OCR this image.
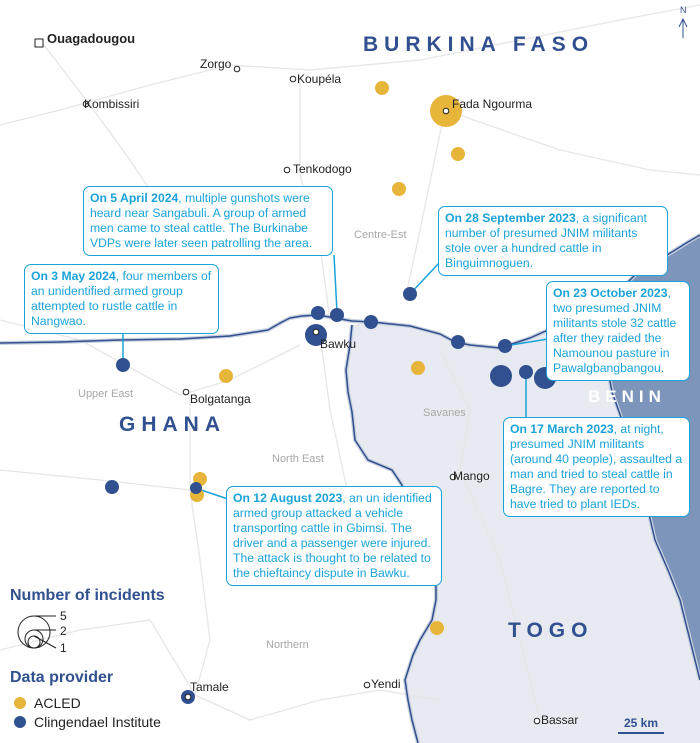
BURKINA FASO
GHANA
TOGO
BENIN
Centre-Est
Upper East
North East
Savanes
Northern
Ouagadougou
Zorgo
Koupéla
Kombissiri	Fada Ngourma
Tenkodogo
Bawku
Bolgatanga
Mango
Tamale	Yendi
Bassar
On 5 April 2024, multiple gunshots were heard near Sangabuli. A group of armed men came to steal cattle. The Burkinabe VDPs were later seen patrolling the area.
On 28 September 2023, a significant number of presumed JNIM militants stole over a hundred cattle in Binguimnoguen.
On 3 May 2024, four members of an unidentified armed group attempted to rustle cattle in Nangwao.
On 23 October 2023, two presumed JNIM militants stole 32 cattle after they raided the Namounou pasture in Pawalgbangbangou.
On 17 March 2023, at night, presumed JNIM militants (around 40 people), assaulted a man and tried to steal cattle in Bagre. They are reported to have tried to plant IEDs.
On 12 August 2023, an un identified armed group attacked a vehicle transporting cattle in Gbimsi. The driver and a passenger were injured. The attack is thought to be related to the chieftaincy dispute in Bawku.
Number of incidents
5
2
1
Data provider
ACLED
Clingendael Institute	25 km
N
